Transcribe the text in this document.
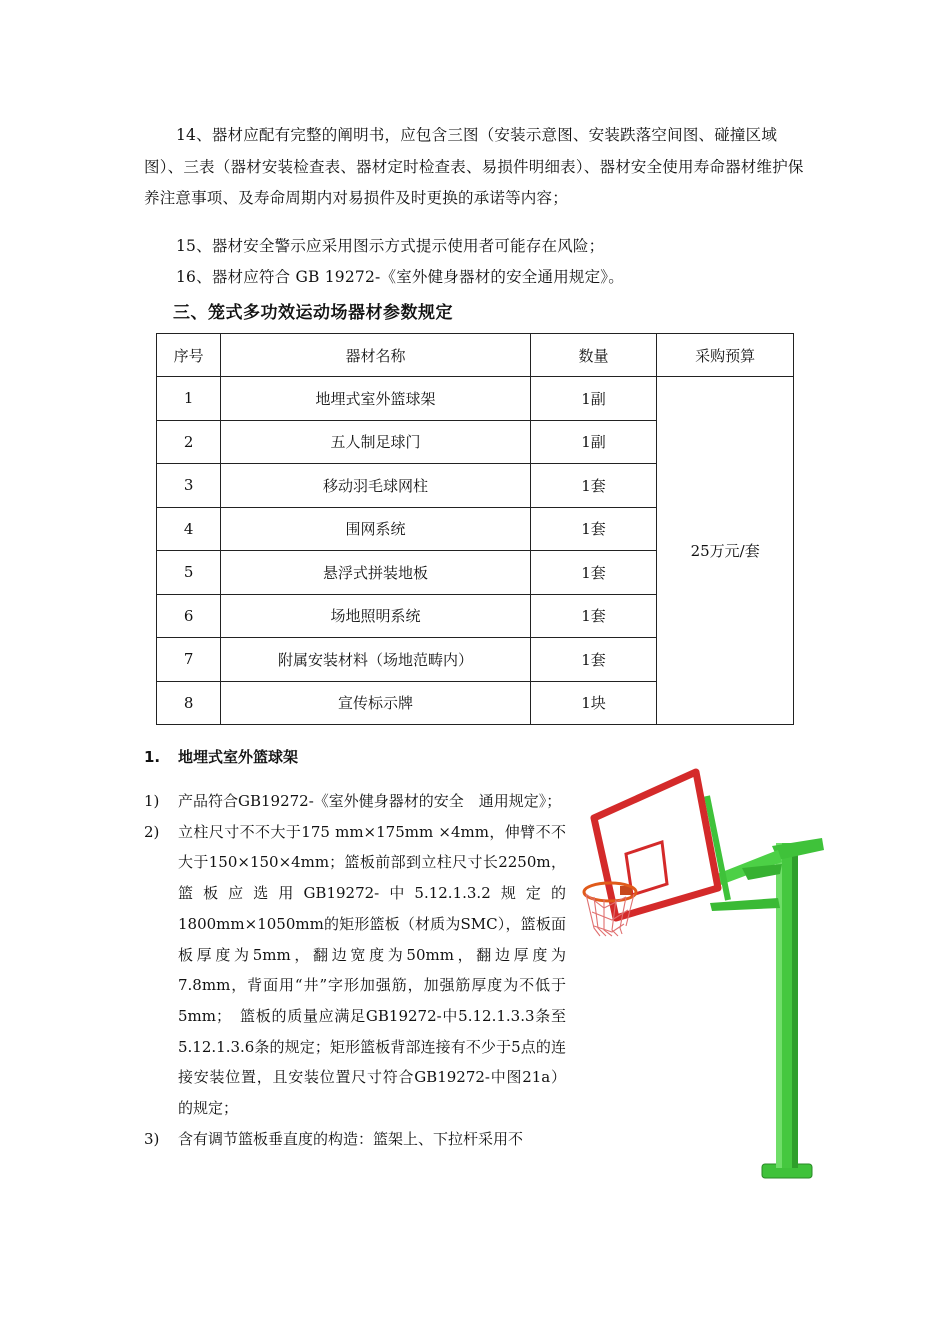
14、器材应配有完整的阐明书，应包含三图（安装示意图、安装跌落空间图、碰撞区域图）、三表（器材安装检查表、器材定时检查表、易损件明细表）、器材安全使用寿命器材维护保养注意事项、及寿命周期内对易损件及时更换的承诺等内容；
15、器材安全警示应采用图示方式提示使用者可能存在风险；
16、器材应符合 GB 19272-《室外健身器材的安全通用规定》。
三、笼式多功效运动场器材参数规定
序号	器材名称	数量	采购预算
1	地埋式室外篮球架	1副	25万元/套
2	五人制足球门	1副	
3	移动羽毛球网柱	1套	
4	围网系统	1套	
5	悬浮式拼装地板	1套	
6	场地照明系统	1套	
7	附属安装材料（场地范畴内）	1套	
8	宣传标示牌	1块	
1. 地埋式室外篮球架
1) 产品符合GB19272-《室外健身器材的安全　通用规定》；
2) 立柱尺寸不不大于175 mm×175mm ×4mm，伸臂不不大于150×150×4mm；篮板前部到立柱尺寸长2250m，篮板应选用GB19272-中5.12.1.3.2规定的1800mm×1050mm的矩形篮板（材质为SMC），篮板面板厚度为5mm，翻边宽度为50mm，翻边厚度为7.8mm，背面用“井”字形加强筋，加强筋厚度为不低于5mm；　篮板的质量应满足GB19272-中5.12.1.3.3条至5.12.1.3.6条的规定；矩形篮板背部连接有不少于5点的连接安装位置，且安装位置尺寸符合GB19272-中图21a）的规定；
3) 含有调节篮板垂直度的构造：篮架上、下拉杆采用不
